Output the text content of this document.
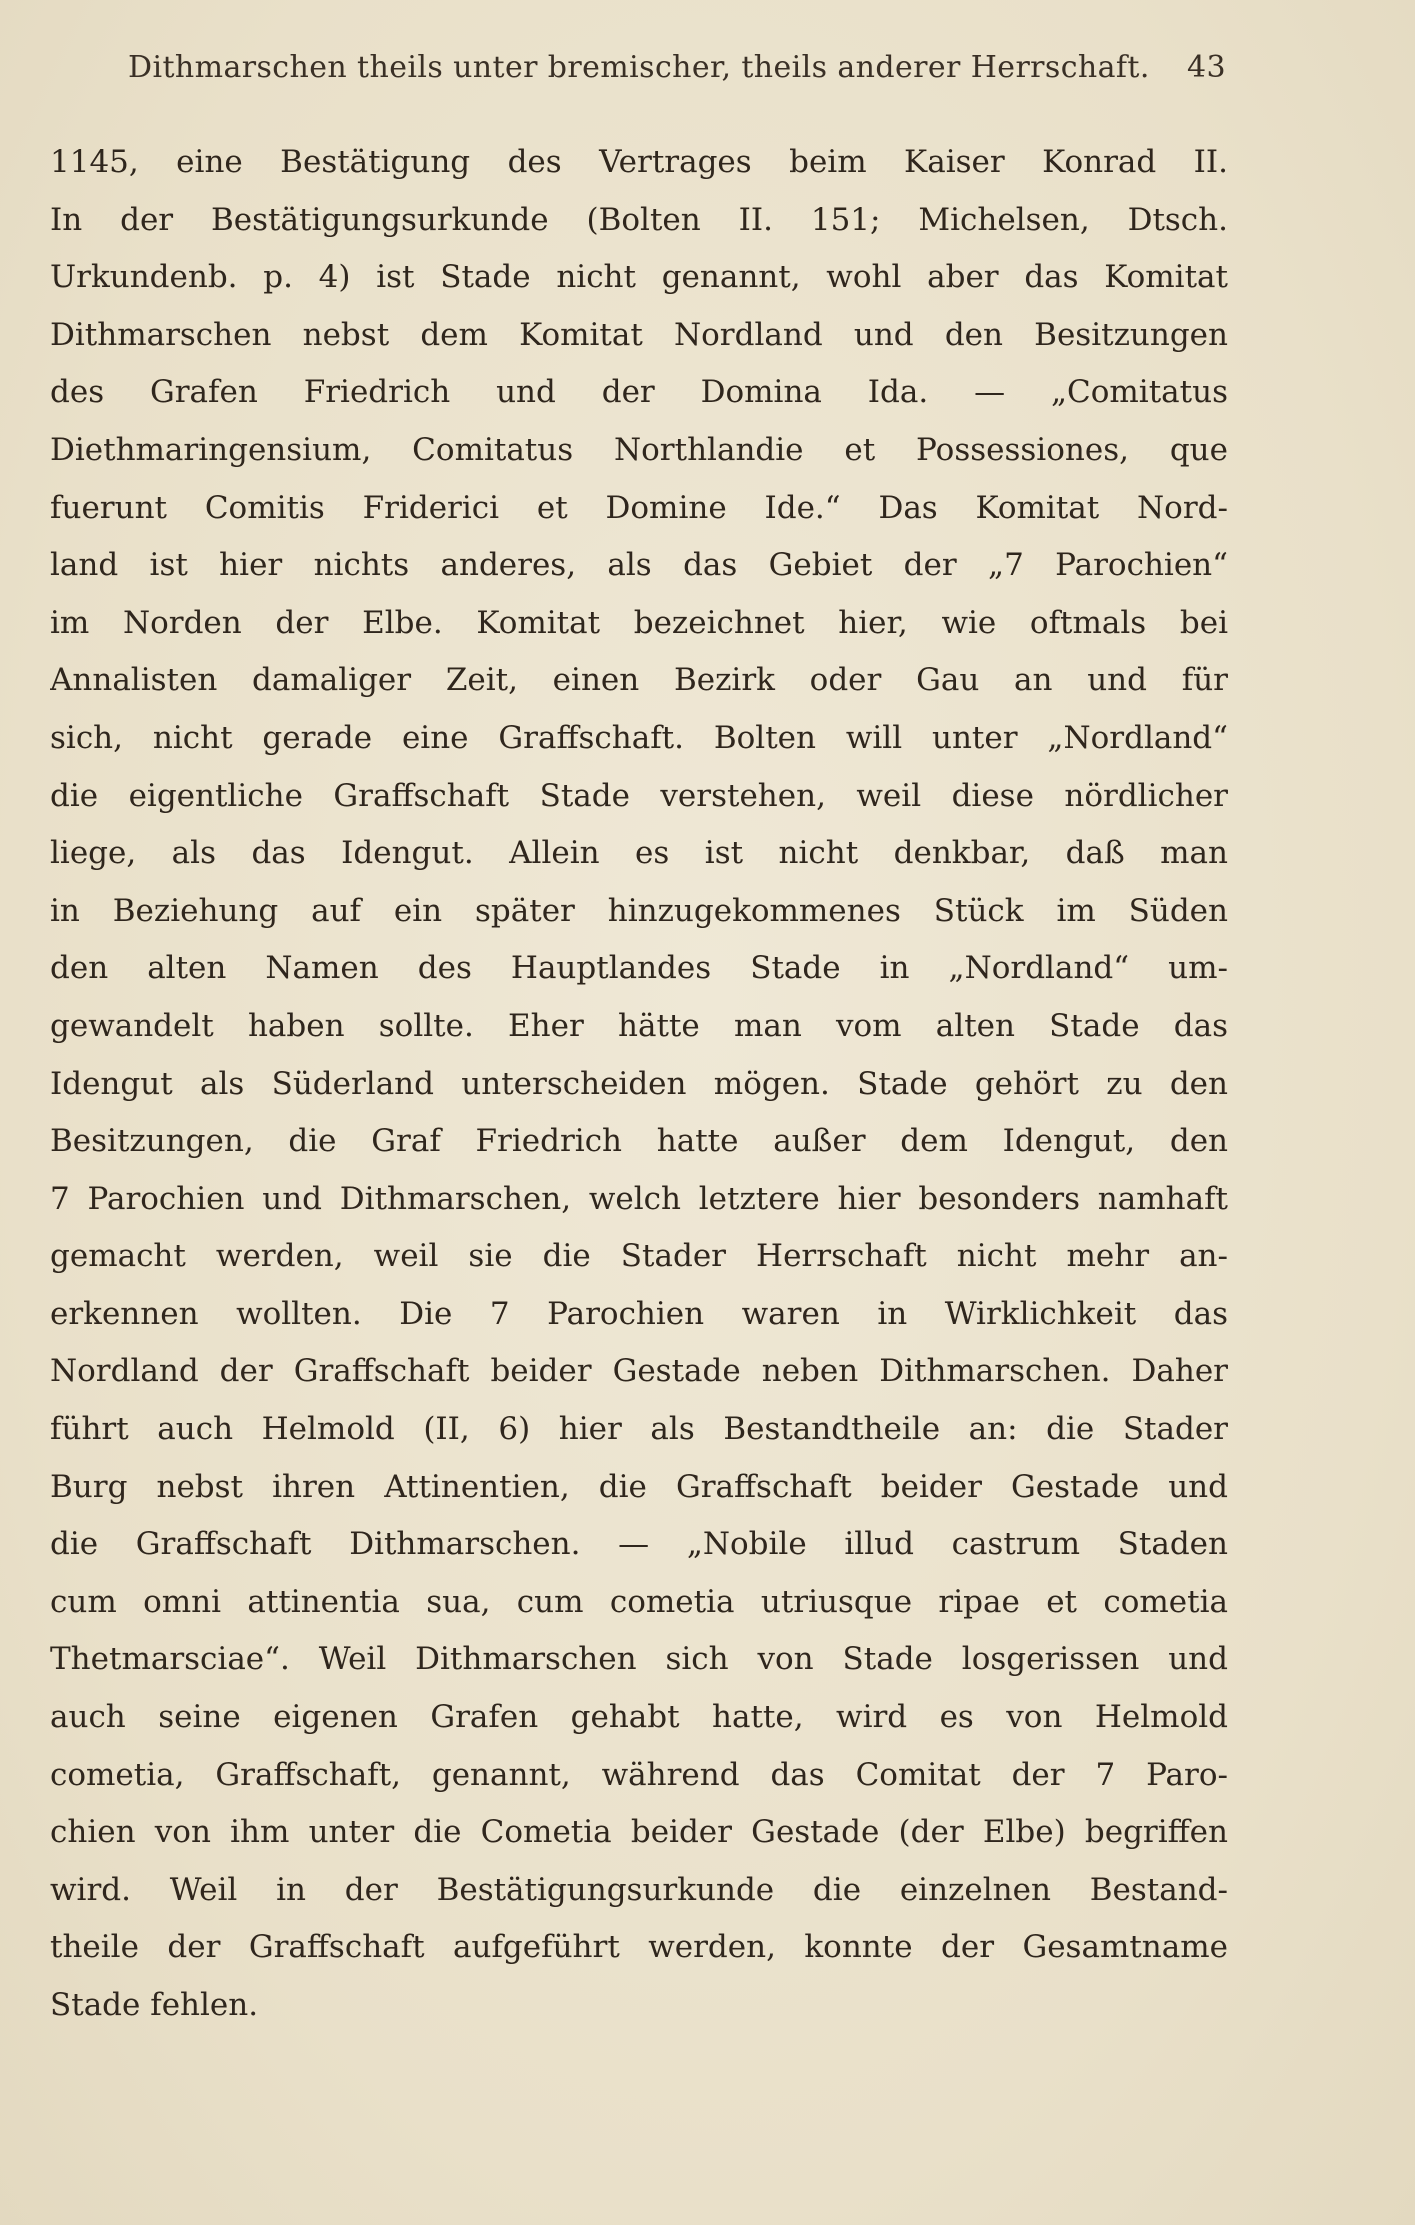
Dithmarschen theils unter bremischer, theils anderer Herrschaft. 43
1145, eine Bestätigung des Vertrages beim Kaiser Konrad II.
In der Bestätigungsurkunde (Bolten II. 151; Michelsen, Dtsch.
Urkundenb. p. 4) ist Stade nicht genannt, wohl aber das Komitat
Dithmarschen nebst dem Komitat Nordland und den Besitzungen
des Grafen Friedrich und der Domina Ida. — „Comitatus
Diethmaringensium, Comitatus Northlandie et Possessiones, que
fuerunt Comitis Friderici et Domine Ide.“ Das Komitat Nord-
land ist hier nichts anderes, als das Gebiet der „7 Parochien“
im Norden der Elbe. Komitat bezeichnet hier, wie oftmals bei
Annalisten damaliger Zeit, einen Bezirk oder Gau an und für
sich, nicht gerade eine Graffschaft. Bolten will unter „Nordland“
die eigentliche Graffschaft Stade verstehen, weil diese nördlicher
liege, als das Idengut. Allein es ist nicht denkbar, daß man
in Beziehung auf ein später hinzugekommenes Stück im Süden
den alten Namen des Hauptlandes Stade in „Nordland“ um-
gewandelt haben sollte. Eher hätte man vom alten Stade das
Idengut als Süderland unterscheiden mögen. Stade gehört zu den
Besitzungen, die Graf Friedrich hatte außer dem Idengut, den
7 Parochien und Dithmarschen, welch letztere hier besonders namhaft
gemacht werden, weil sie die Stader Herrschaft nicht mehr an-
erkennen wollten. Die 7 Parochien waren in Wirklichkeit das
Nordland der Graffschaft beider Gestade neben Dithmarschen. Daher
führt auch Helmold (II, 6) hier als Bestandtheile an: die Stader
Burg nebst ihren Attinentien, die Graffschaft beider Gestade und
die Graffschaft Dithmarschen. — „Nobile illud castrum Staden
cum omni attinentia sua, cum cometia utriusque ripae et cometia
Thetmarsciae“. Weil Dithmarschen sich von Stade losgerissen und
auch seine eigenen Grafen gehabt hatte, wird es von Helmold
cometia, Graffschaft, genannt, während das Comitat der 7 Paro-
chien von ihm unter die Cometia beider Gestade (der Elbe) begriffen
wird. Weil in der Bestätigungsurkunde die einzelnen Bestand-
theile der Graffschaft aufgeführt werden, konnte der Gesamtname
Stade fehlen.
